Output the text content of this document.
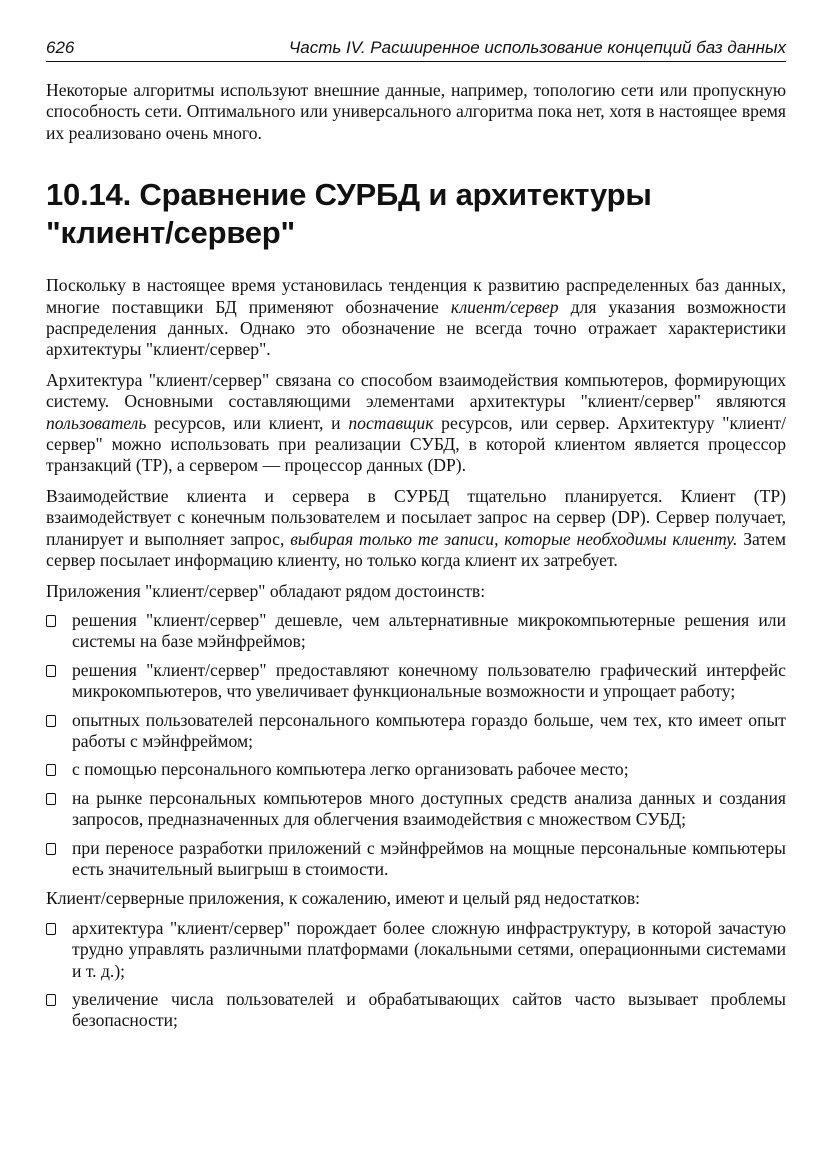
626	Часть IV. Расширенное использование концепций баз данных

Некоторые алгоритмы используют внешние данные, например, топологию сети или пропускную способность сети. Оптимального или универсального алгоритма пока нет, хотя в настоящее время их реализовано очень много.

10.14. Сравнение СУРБД и архитектуры "клиент/сервер"

Поскольку в настоящее время установилась тенденция к развитию распределенных баз данных, многие поставщики БД применяют обозначение клиент/сервер для указания возможности распределения данных. Однако это обозначение не всегда точно отражает характеристики архитектуры "клиент/сервер".

Архитектура "клиент/сервер" связана со способом взаимодействия компьютеров, формирующих систему. Основными составляющими элементами архитектуры "клиент/сервер" являются пользователь ресурсов, или клиент, и поставщик ресурсов, или сервер. Архитектуру "клиент/сервер" можно использовать при реализации СУБД, в которой клиентом является процессор транзакций (TP), а сервером — процессор данных (DP).

Взаимодействие клиента и сервера в СУРБД тщательно планируется. Клиент (TP) взаимодействует с конечным пользователем и посылает запрос на сервер (DP). Сервер получает, планирует и выполняет запрос, выбирая только те записи, которые необходимы клиенту. Затем сервер посылает информацию клиенту, но только когда клиент их затребует.

Приложения "клиент/сервер" обладают рядом достоинств:

решения "клиент/сервер" дешевле, чем альтернативные микрокомпьютерные решения или системы на базе мэйнфреймов;
решения "клиент/сервер" предоставляют конечному пользователю графический интерфейс микрокомпьютеров, что увеличивает функциональные возможности и упрощает работу;
опытных пользователей персонального компьютера гораздо больше, чем тех, кто имеет опыт работы с мэйнфреймом;
с помощью персонального компьютера легко организовать рабочее место;
на рынке персональных компьютеров много доступных средств анализа данных и создания запросов, предназначенных для облегчения взаимодействия с множеством СУБД;
при переносе разработки приложений с мэйнфреймов на мощные персональные компьютеры есть значительный выигрыш в стоимости.

Клиент/серверные приложения, к сожалению, имеют и целый ряд недостатков:

архитектура "клиент/сервер" порождает более сложную инфраструктуру, в которой зачастую трудно управлять различными платформами (локальными сетями, операционными системами и т. д.);
увеличение числа пользователей и обрабатывающих сайтов часто вызывает проблемы безопасности;
